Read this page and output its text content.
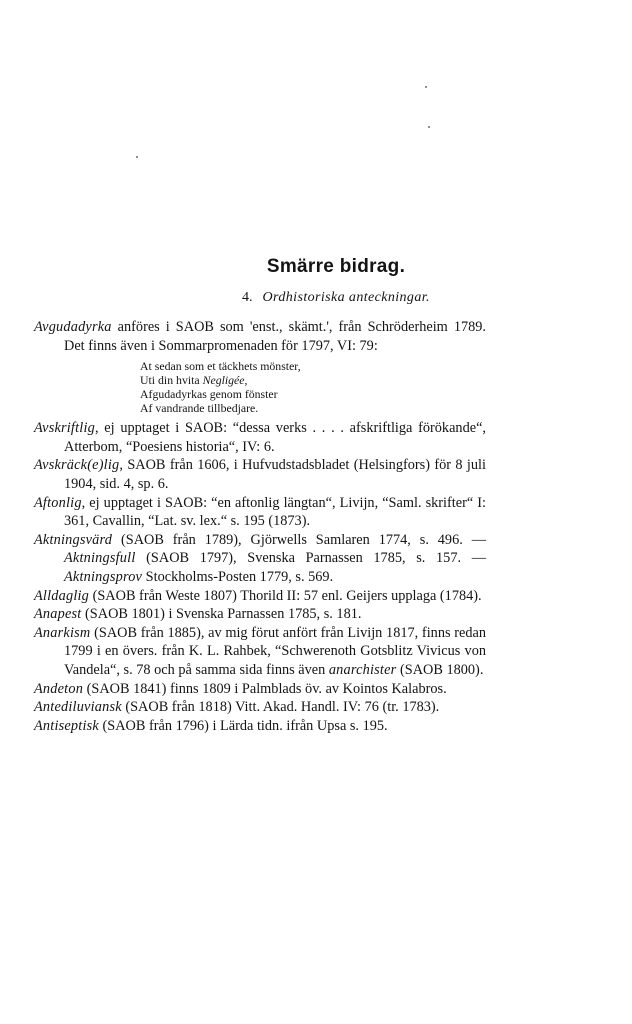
Smärre bidrag.
4. Ordhistoriska anteckningar.

Avgudadyrka anföres i SAOB som 'enst., skämt.', från Schröderheim 1789. Det finns även i Sommarpromenaden för 1797, VI: 79:

At sedan som et täckhets mönster,
Uti din hvita Negligée,
Afgudadyrkas genom fönster
Af vandrande tillbedjare.

Avskriftlig, ej upptaget i SAOB: “dessa verks . . . . afskriftliga förökande“, Atterbom, “Poesiens historia“, IV: 6.

Avskräck(e)lig, SAOB från 1606, i Hufvudstadsbladet (Helsingfors) för 8 juli 1904, sid. 4, sp. 6.

Aftonlig, ej upptaget i SAOB: “en aftonlig längtan“, Livijn, “Saml. skrifter“ I: 361, Cavallin, “Lat. sv. lex.“ s. 195 (1873).

Aktningsvärd (SAOB från 1789), Gjörwells Samlaren 1774, s. 496. — Aktningsfull (SAOB 1797), Svenska Parnassen 1785, s. 157. — Aktningsprov Stockholms-Posten 1779, s. 569.

Alldaglig (SAOB från Weste 1807) Thorild II: 57 enl. Geijers upplaga (1784).

Anapest (SAOB 1801) i Svenska Parnassen 1785, s. 181.

Anarkism (SAOB från 1885), av mig förut anfört från Livijn 1817, finns redan 1799 i en övers. från K. L. Rahbek, “Schwerenoth Gotsblitz Vivicus von Vandela“, s. 78 och på samma sida finns även anarchister (SAOB 1800).

Andeton (SAOB 1841) finns 1809 i Palmblads öv. av Kointos Kalabros.

Antediluviansk (SAOB från 1818) Vitt. Akad. Handl. IV: 76 (tr. 1783).

Antiseptisk (SAOB från 1796) i Lärda tidn. ifrån Upsa s. 195.
